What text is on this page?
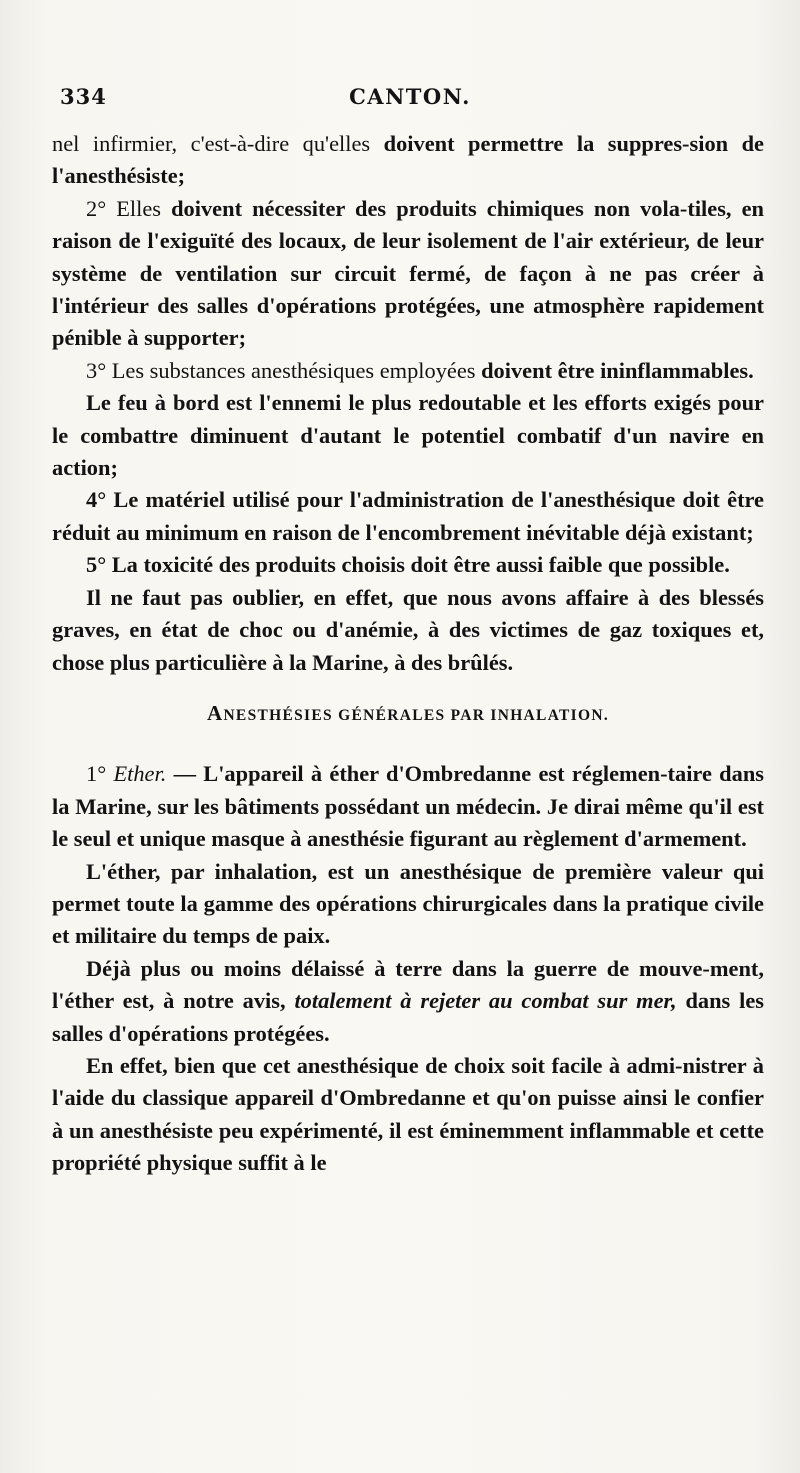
334	CANTON.

nel infirmier, c'est-à-dire qu'elles doivent permettre la suppres-sion de l'anesthésiste;

2° Elles doivent nécessiter des produits chimiques non vola-tiles, en raison de l'exiguïté des locaux, de leur isolement de l'air extérieur, de leur système de ventilation sur circuit fermé, de façon à ne pas créer à l'intérieur des salles d'opérations protégées, une atmosphère rapidement pénible à supporter;

3° Les substances anesthésiques employées doivent être ininflammables.

Le feu à bord est l'ennemi le plus redoutable et les efforts exigés pour le combattre diminuent d'autant le potentiel combatif d'un navire en action;

4° Le matériel utilisé pour l'administration de l'anesthésique doit être réduit au minimum en raison de l'encombrement inévitable déjà existant;

5° La toxicité des produits choisis doit être aussi faible que possible.

Il ne faut pas oublier, en effet, que nous avons affaire à des blessés graves, en état de choc ou d'anémie, à des victimes de gaz toxiques et, chose plus particulière à la Marine, à des brûlés.

ANESTHÉSIES GÉNÉRALES PAR INHALATION.

1° Ether. — L'appareil à éther d'Ombredanne est réglemen-taire dans la Marine, sur les bâtiments possédant un médecin. Je dirai même qu'il est le seul et unique masque à anesthésie figurant au règlement d'armement.

L'éther, par inhalation, est un anesthésique de première valeur qui permet toute la gamme des opérations chirurgicales dans la pratique civile et militaire du temps de paix.

Déjà plus ou moins délaissé à terre dans la guerre de mouve-ment, l'éther est, à notre avis, totalement à rejeter au combat sur mer, dans les salles d'opérations protégées.

En effet, bien que cet anesthésique de choix soit facile à admi-nistrer à l'aide du classique appareil d'Ombredanne et qu'on puisse ainsi le confier à un anesthésiste peu expérimenté, il est éminemment inflammable et cette propriété physique suffit à le
